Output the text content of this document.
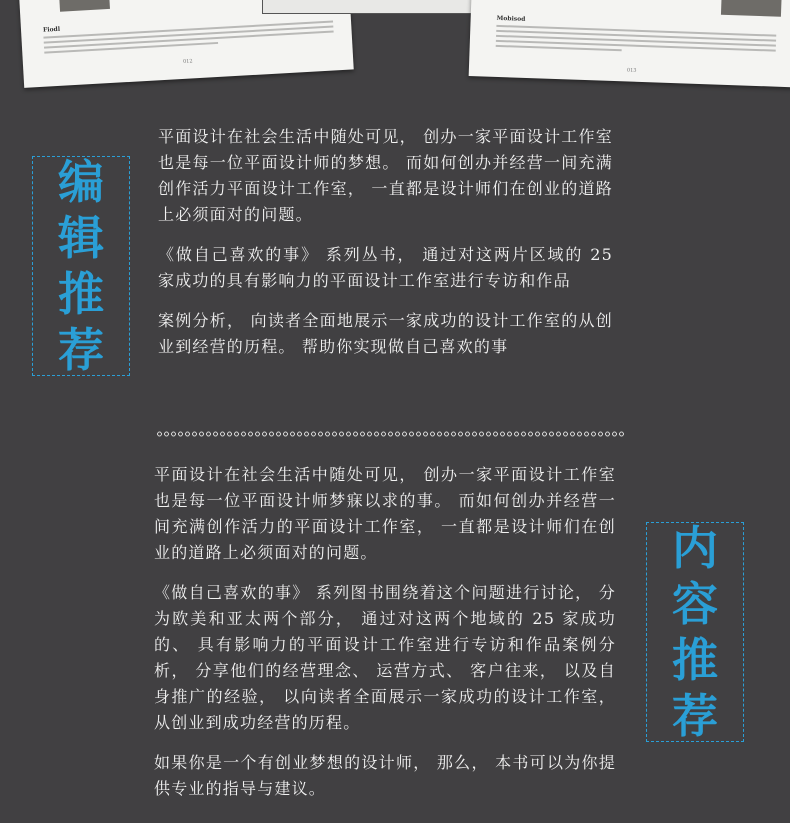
Fiodl
012
Mobisod
013
编
辑
推
荐

平面设计在社会生活中随处可见， 创办一家平面设计工作室也是每一位平面设计师的梦想。 而如何创办并经营一间充满创作活力平面设计工作室， 一直都是设计师们在创业的道路上必须面对的问题。

《做自己喜欢的事》 系列丛书， 通过对这两片区域的 25 家成功的具有影响力的平面设计工作室进行专访和作品

案例分析， 向读者全面地展示一家成功的设计工作室的从创业到经营的历程。 帮助你实现做自己喜欢的事

平面设计在社会生活中随处可见， 创办一家平面设计工作室也是每一位平面设计师梦寐以求的事。 而如何创办并经营一间充满创作活力的平面设计工作室， 一直都是设计师们在创业的道路上必须面对的问题。

《做自己喜欢的事》 系列图书围绕着这个问题进行讨论， 分为欧美和亚太两个部分， 通过对这两个地域的 25 家成功的、 具有影响力的平面设计工作室进行专访和作品案例分析， 分享他们的经营理念、 运营方式、 客户往来， 以及自身推广的经验， 以向读者全面展示一家成功的设计工作室， 从创业到成功经营的历程。

如果你是一个有创业梦想的设计师， 那么， 本书可以为你提供专业的指导与建议。

内
容
推
荐
